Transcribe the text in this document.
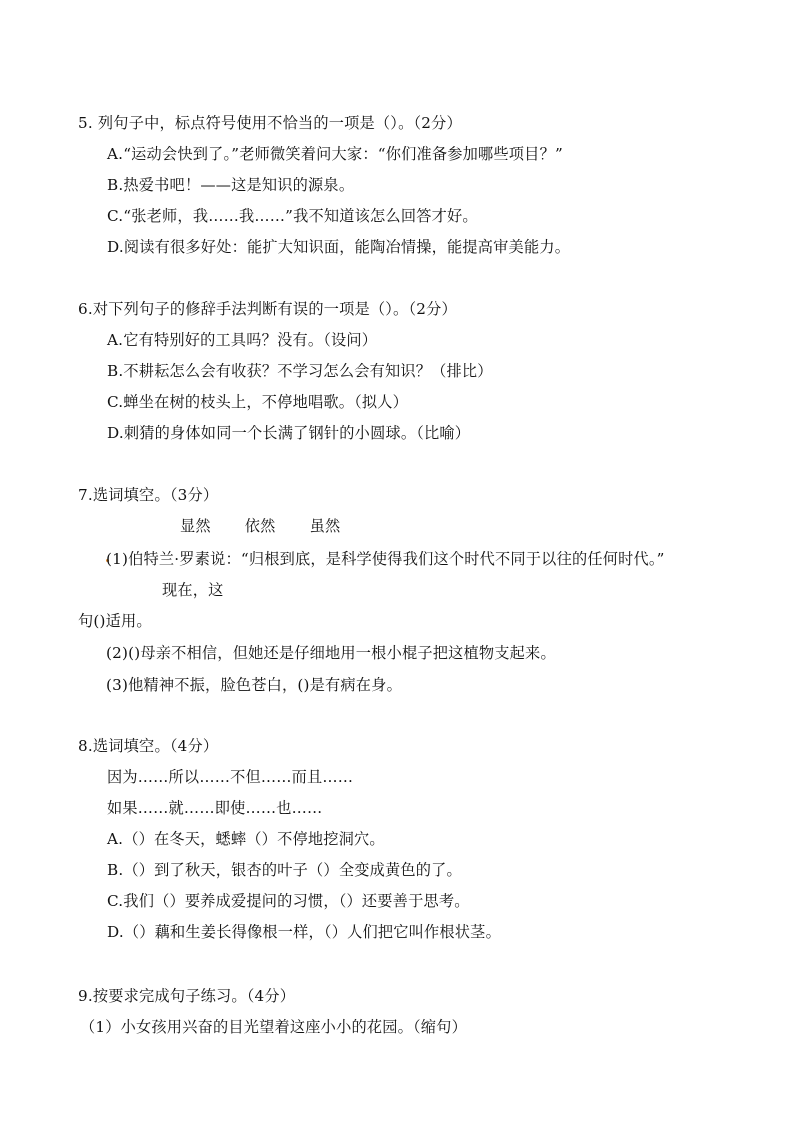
5. 列句子中，标点符号使用不恰当的一项是（）。（2分）
A.“运动会快到了。”老师微笑着问大家：“你们准备参加哪些项目？”
B.热爱书吧！——这是知识的源泉。
C.“张老师，我……我……”我不知道该怎么回答才好。
D.阅读有很多好处：能扩大知识面，能陶冶情操，能提高审美能力。
6.对下列句子的修辞手法判断有误的一项是（）。（2分）
A.它有特别好的工具吗？没有。（设问）
B.不耕耘怎么会有收获？不学习怎么会有知识？（排比）
C.蝉坐在树的枝头上，不停地唱歌。（拟人）
D.刺猜的身体如同一个长满了钢针的小圆球。（比喻）
7.选词填空。（3分）
显然 依然 虽然
(1)伯特兰·罗素说：“归根到底，是科学使得我们这个时代不同于以往的任何时代。”
现在，这
句()适用。
(2)()母亲不相信，但她还是仔细地用一根小棍子把这植物支起来。
(3)他精神不振，脸色苍白，()是有病在身。
8.选词填空。（4分）
因为……所以……不但……而且……
如果……就……即使……也……
A.（）在冬天，蟋蟀（）不停地挖洞穴。
B.（）到了秋天，银杏的叶子（）全变成黄色的了。
C.我们（）要养成爱提问的习惯，（）还要善于思考。
D.（）藕和生姜长得像根一样，（）人们把它叫作根状茎。
9.按要求完成句子练习。（4分）
（1）小女孩用兴奋的目光望着这座小小的花园。（缩句）
